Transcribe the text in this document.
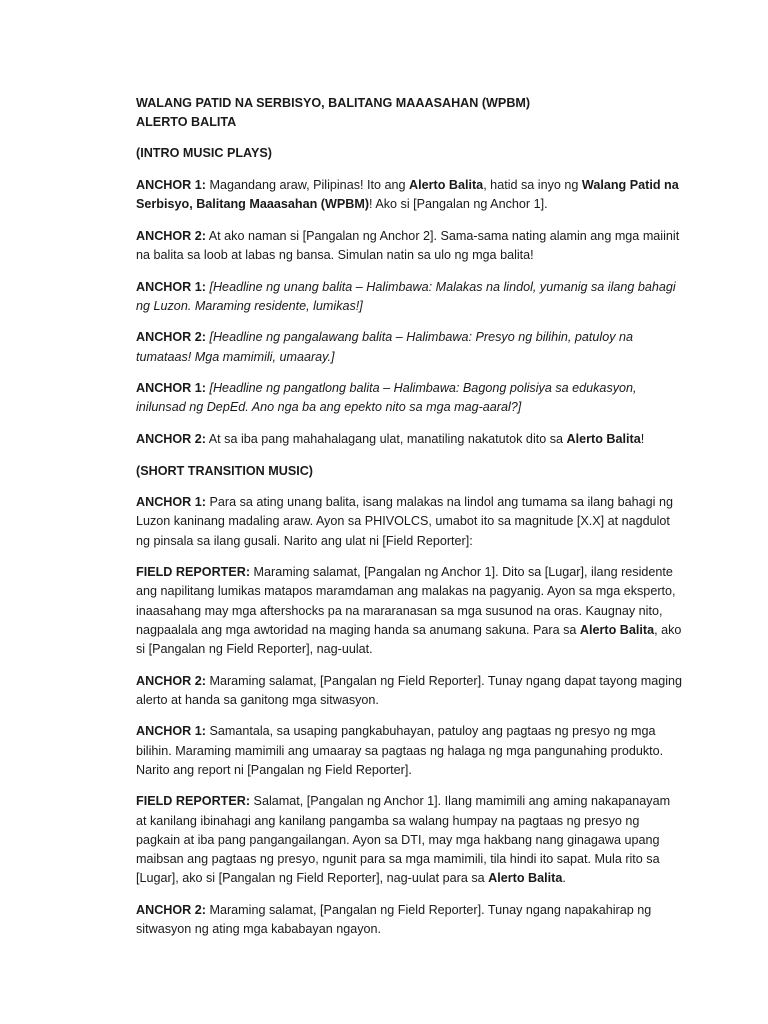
WALANG PATID NA SERBISYO, BALITANG MAAASAHAN (WPBM)
ALERTO BALITA

(INTRO MUSIC PLAYS)

ANCHOR 1: Magandang araw, Pilipinas! Ito ang Alerto Balita, hatid sa inyo ng Walang Patid na Serbisyo, Balitang Maaasahan (WPBM)! Ako si [Pangalan ng Anchor 1].

ANCHOR 2: At ako naman si [Pangalan ng Anchor 2]. Sama-sama nating alamin ang mga maiinit na balita sa loob at labas ng bansa. Simulan natin sa ulo ng mga balita!

ANCHOR 1: [Headline ng unang balita – Halimbawa: Malakas na lindol, yumanig sa ilang bahagi ng Luzon. Maraming residente, lumikas!]

ANCHOR 2: [Headline ng pangalawang balita – Halimbawa: Presyo ng bilihin, patuloy na tumataas! Mga mamimili, umaaray.]

ANCHOR 1: [Headline ng pangatlong balita – Halimbawa: Bagong polisiya sa edukasyon, inilunsad ng DepEd. Ano nga ba ang epekto nito sa mga mag-aaral?]

ANCHOR 2: At sa iba pang mahahalagang ulat, manatiling nakatutok dito sa Alerto Balita!

(SHORT TRANSITION MUSIC)

ANCHOR 1: Para sa ating unang balita, isang malakas na lindol ang tumama sa ilang bahagi ng Luzon kaninang madaling araw. Ayon sa PHIVOLCS, umabot ito sa magnitude [X.X] at nagdulot ng pinsala sa ilang gusali. Narito ang ulat ni [Field Reporter]:

FIELD REPORTER: Maraming salamat, [Pangalan ng Anchor 1]. Dito sa [Lugar], ilang residente ang napilitang lumikas matapos maramdaman ang malakas na pagyanig. Ayon sa mga eksperto, inaasahang may mga aftershocks pa na mararanasan sa mga susunod na oras. Kaugnay nito, nagpaalala ang mga awtoridad na maging handa sa anumang sakuna. Para sa Alerto Balita, ako si [Pangalan ng Field Reporter], nag-uulat.

ANCHOR 2: Maraming salamat, [Pangalan ng Field Reporter]. Tunay ngang dapat tayong maging alerto at handa sa ganitong mga sitwasyon.

ANCHOR 1: Samantala, sa usaping pangkabuhayan, patuloy ang pagtaas ng presyo ng mga bilihin. Maraming mamimili ang umaaray sa pagtaas ng halaga ng mga pangunahing produkto. Narito ang report ni [Pangalan ng Field Reporter].

FIELD REPORTER: Salamat, [Pangalan ng Anchor 1]. Ilang mamimili ang aming nakapanayam at kanilang ibinahagi ang kanilang pangamba sa walang humpay na pagtaas ng presyo ng pagkain at iba pang pangangailangan. Ayon sa DTI, may mga hakbang nang ginagawa upang maibsan ang pagtaas ng presyo, ngunit para sa mga mamimili, tila hindi ito sapat. Mula rito sa [Lugar], ako si [Pangalan ng Field Reporter], nag-uulat para sa Alerto Balita.

ANCHOR 2: Maraming salamat, [Pangalan ng Field Reporter]. Tunay ngang napakahirap ng sitwasyon ng ating mga kababayan ngayon.
